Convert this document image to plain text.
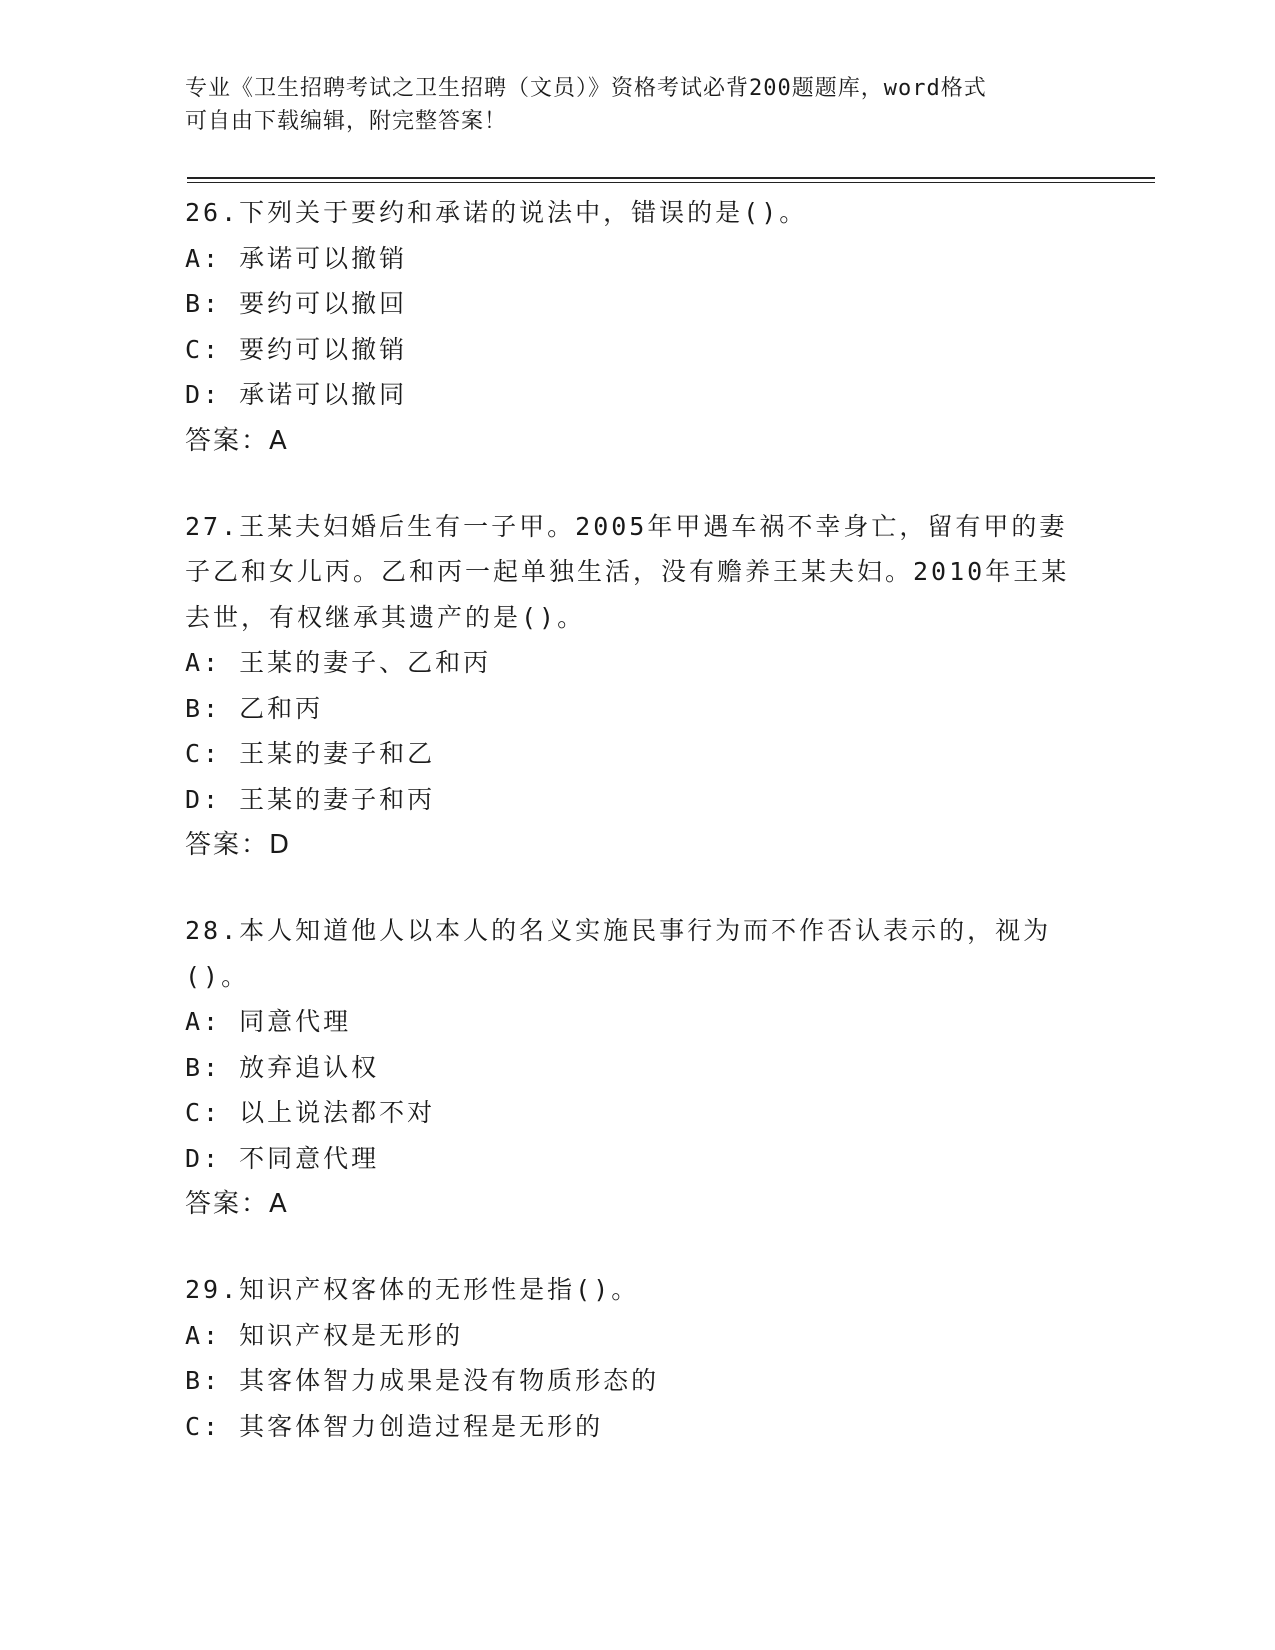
专业《卫生招聘考试之卫生招聘（文员）》资格考试必背200题题库，word格式
可自由下载编辑，附完整答案！
26.下列关于要约和承诺的说法中，错误的是()。
A: 承诺可以撤销
B: 要约可以撤回
C: 要约可以撤销
D: 承诺可以撤同
答案：A
27.王某夫妇婚后生有一子甲。2005年甲遇车祸不幸身亡，留有甲的妻子乙和女儿丙。乙和丙一起单独生活，没有赡养王某夫妇。2010年王某去世，有权继承其遗产的是()。
A: 王某的妻子、乙和丙
B: 乙和丙
C: 王某的妻子和乙
D: 王某的妻子和丙
答案：D
28.本人知道他人以本人的名义实施民事行为而不作否认表示的，视为()。
A: 同意代理
B: 放弃追认权
C: 以上说法都不对
D: 不同意代理
答案：A
29.知识产权客体的无形性是指()。
A: 知识产权是无形的
B: 其客体智力成果是没有物质形态的
C: 其客体智力创造过程是无形的
